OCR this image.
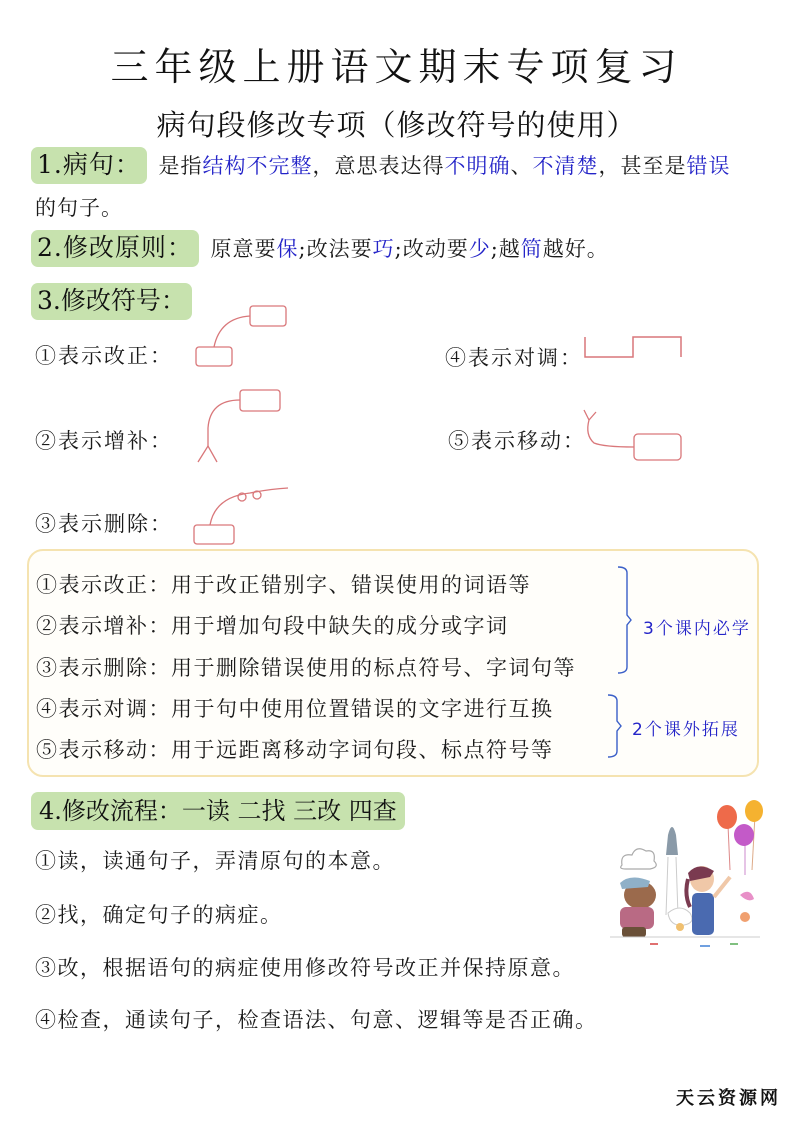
三年级上册语文期末专项复习
病句段修改专项（修改符号的使用）
1.病句： 是指结构不完整，意思表达得不明确、不清楚，甚至是错误
的句子。
2.修改原则： 原意要保;改法要巧;改动要少;越简越好。
3.修改符号：
①表示改正：
②表示增补：
③表示删除：
④表示对调：
⑤表示移动：
①表示改正：用于改正错别字、错误使用的词语等
②表示增补：用于增加句段中缺失的成分或字词
③表示删除：用于删除错误使用的标点符号、字词句等
④表示对调：用于句中使用位置错误的文字进行互换
⑤表示移动：用于远距离移动字词句段、标点符号等
3个课内必学
2个课外拓展
4.修改流程：一读 二找 三改 四查
①读，读通句子，弄清原句的本意。
②找，确定句子的病症。
③改，根据语句的病症使用修改符号改正并保持原意。
④检查，通读句子，检查语法、句意、逻辑等是否正确。
天云资源网
